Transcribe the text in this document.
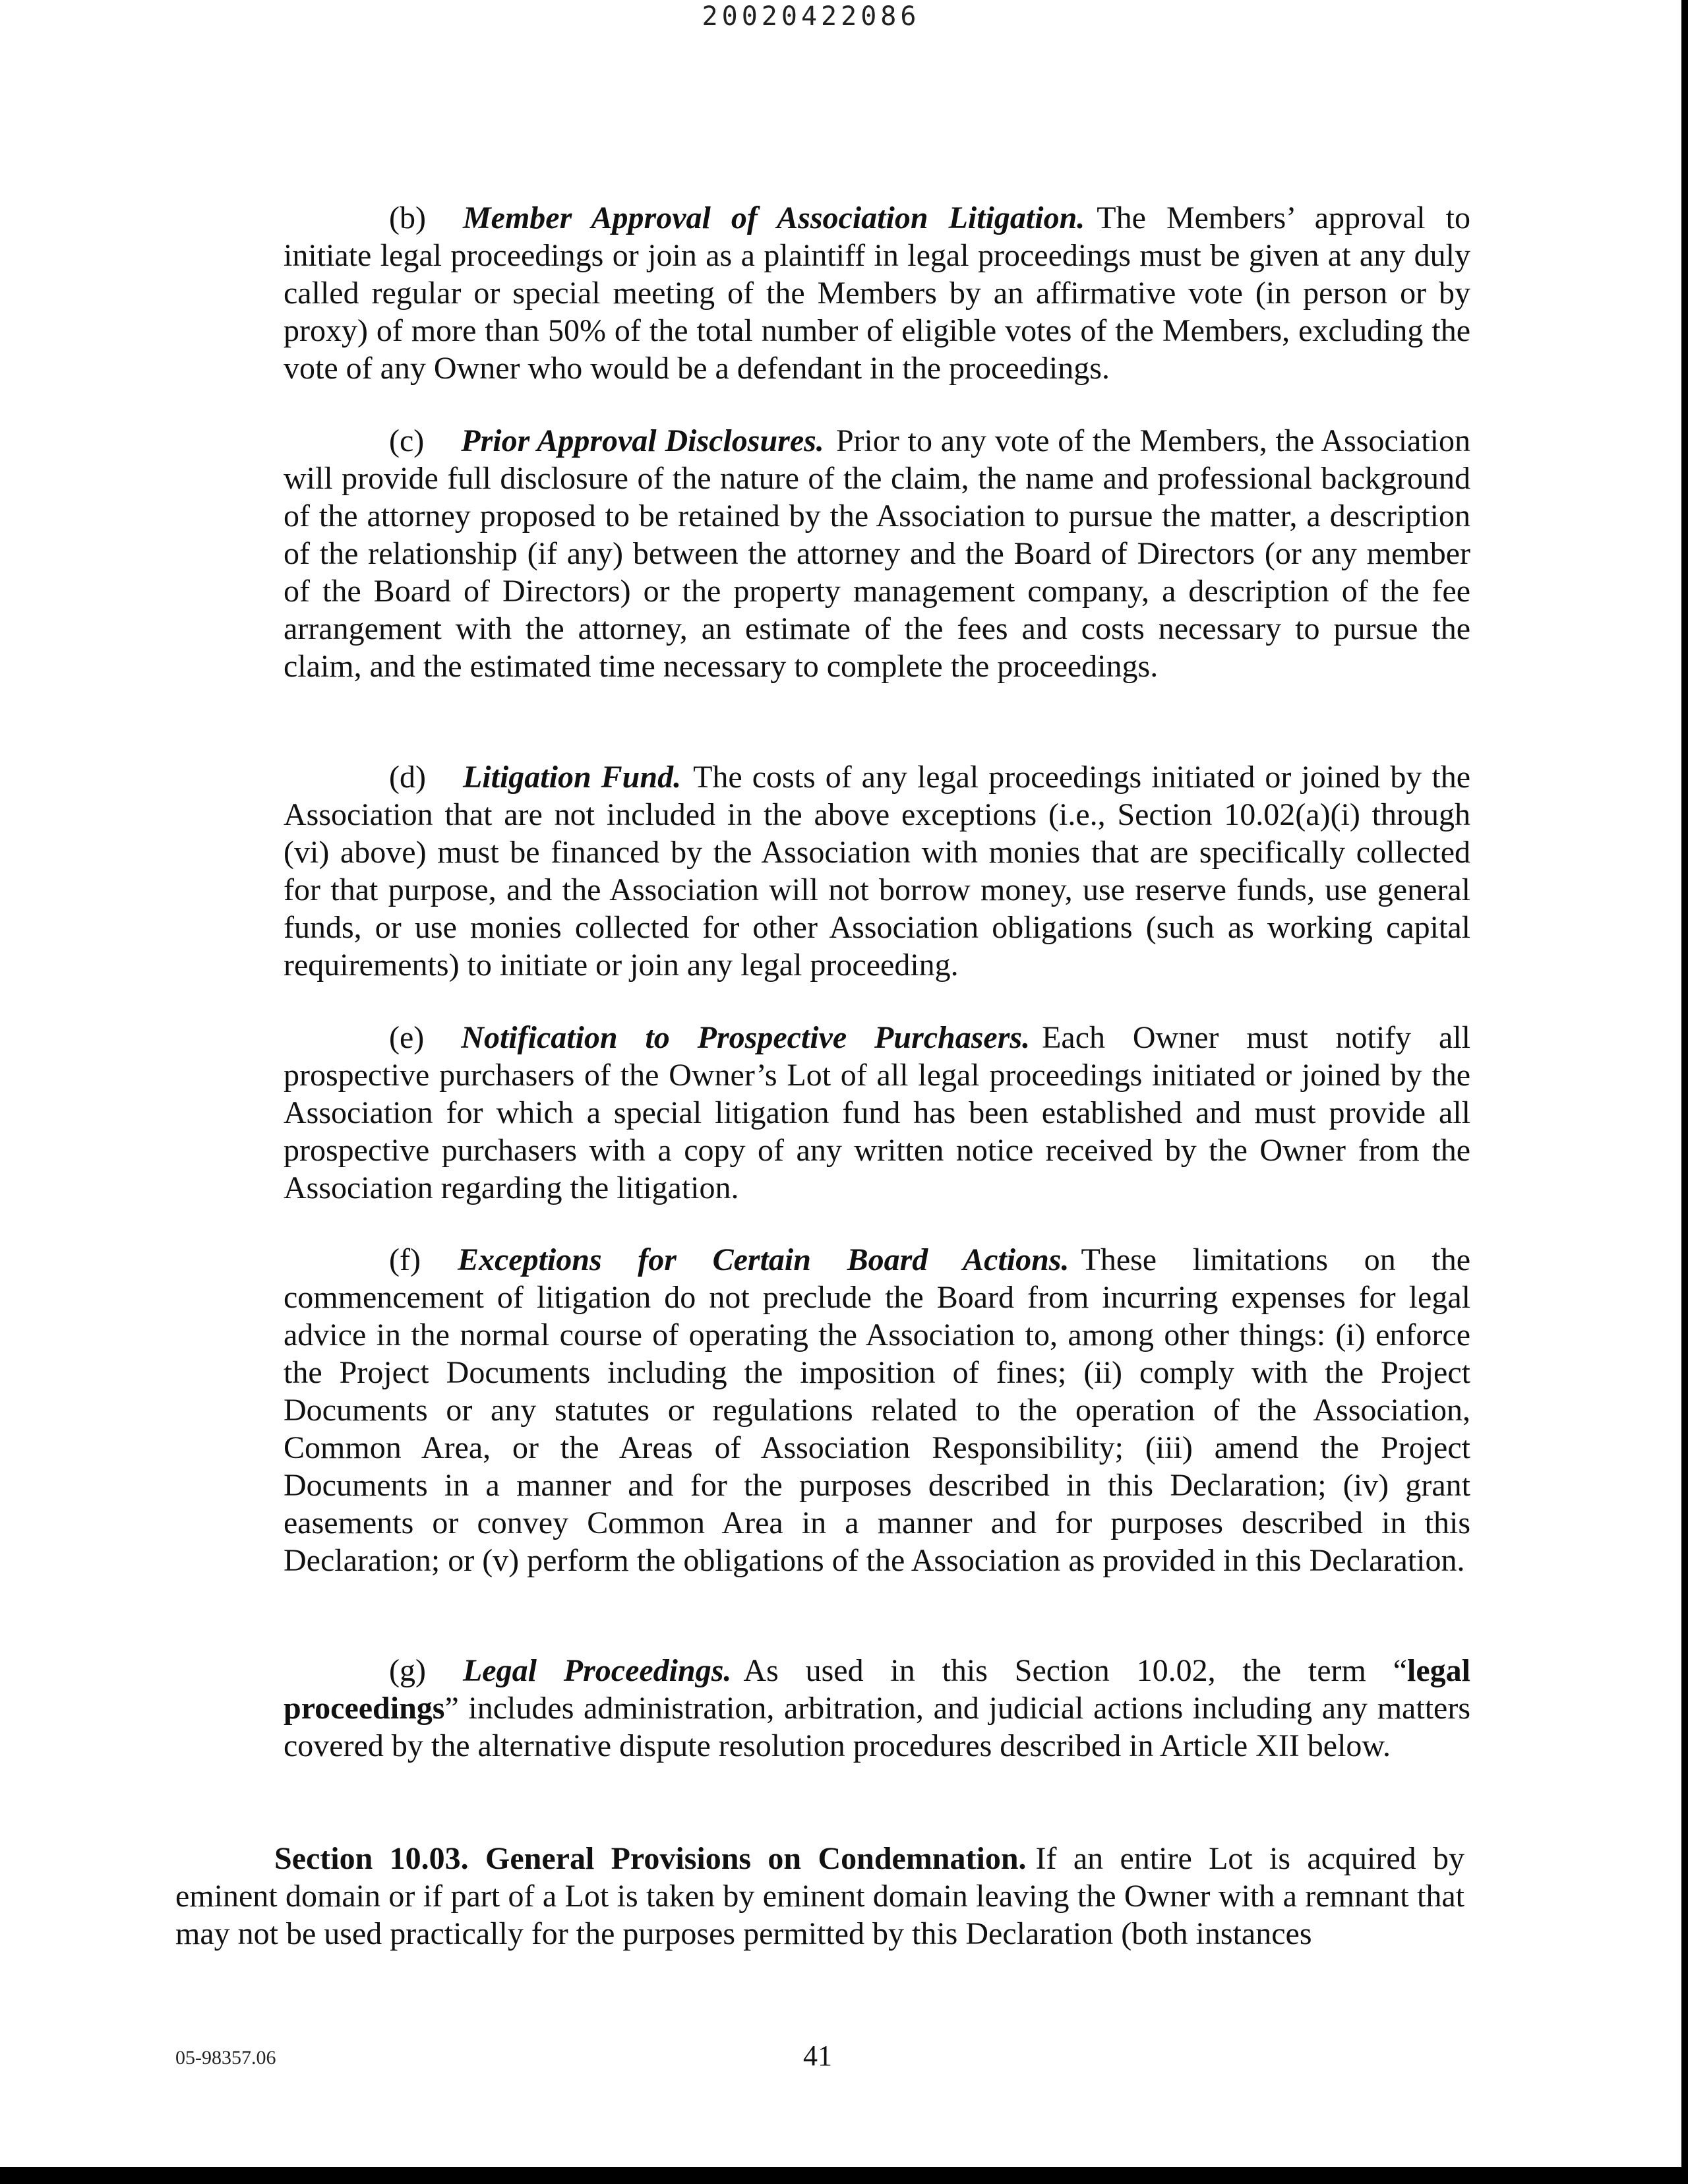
20020422086

(b) Member Approval of Association Litigation. The Members’ approval to initiate legal proceedings or join as a plaintiff in legal proceedings must be given at any duly called regular or special meeting of the Members by an affirmative vote (in person or by proxy) of more than 50% of the total number of eligible votes of the Members, excluding the vote of any Owner who would be a defendant in the proceedings.

(c) Prior Approval Disclosures. Prior to any vote of the Members, the Association will provide full disclosure of the nature of the claim, the name and professional background of the attorney proposed to be retained by the Association to pursue the matter, a description of the relationship (if any) between the attorney and the Board of Directors (or any member of the Board of Directors) or the property management company, a description of the fee arrangement with the attorney, an estimate of the fees and costs necessary to pursue the claim, and the estimated time necessary to complete the proceedings.

(d) Litigation Fund. The costs of any legal proceedings initiated or joined by the Association that are not included in the above exceptions (i.e., Section 10.02(a)(i) through (vi) above) must be financed by the Association with monies that are specifically collected for that purpose, and the Association will not borrow money, use reserve funds, use general funds, or use monies collected for other Association obligations (such as working capital requirements) to initiate or join any legal proceeding.

(e) Notification to Prospective Purchasers. Each Owner must notify all prospective purchasers of the Owner’s Lot of all legal proceedings initiated or joined by the Association for which a special litigation fund has been established and must provide all prospective purchasers with a copy of any written notice received by the Owner from the Association regarding the litigation.

(f) Exceptions for Certain Board Actions. These limitations on the commencement of litigation do not preclude the Board from incurring expenses for legal advice in the normal course of operating the Association to, among other things: (i) enforce the Project Documents including the imposition of fines; (ii) comply with the Project Documents or any statutes or regulations related to the operation of the Association, Common Area, or the Areas of Association Responsibility; (iii) amend the Project Documents in a manner and for the purposes described in this Declaration; (iv) grant easements or convey Common Area in a manner and for purposes described in this Declaration; or (v) perform the obligations of the Association as provided in this Declaration.

(g) Legal Proceedings. As used in this Section 10.02, the term “legal proceedings” includes administration, arbitration, and judicial actions including any matters covered by the alternative dispute resolution procedures described in Article XII below.

Section 10.03. General Provisions on Condemnation. If an entire Lot is acquired by eminent domain or if part of a Lot is taken by eminent domain leaving the Owner with a remnant that may not be used practically for the purposes permitted by this Declaration (both instances

05-98357.06	41
